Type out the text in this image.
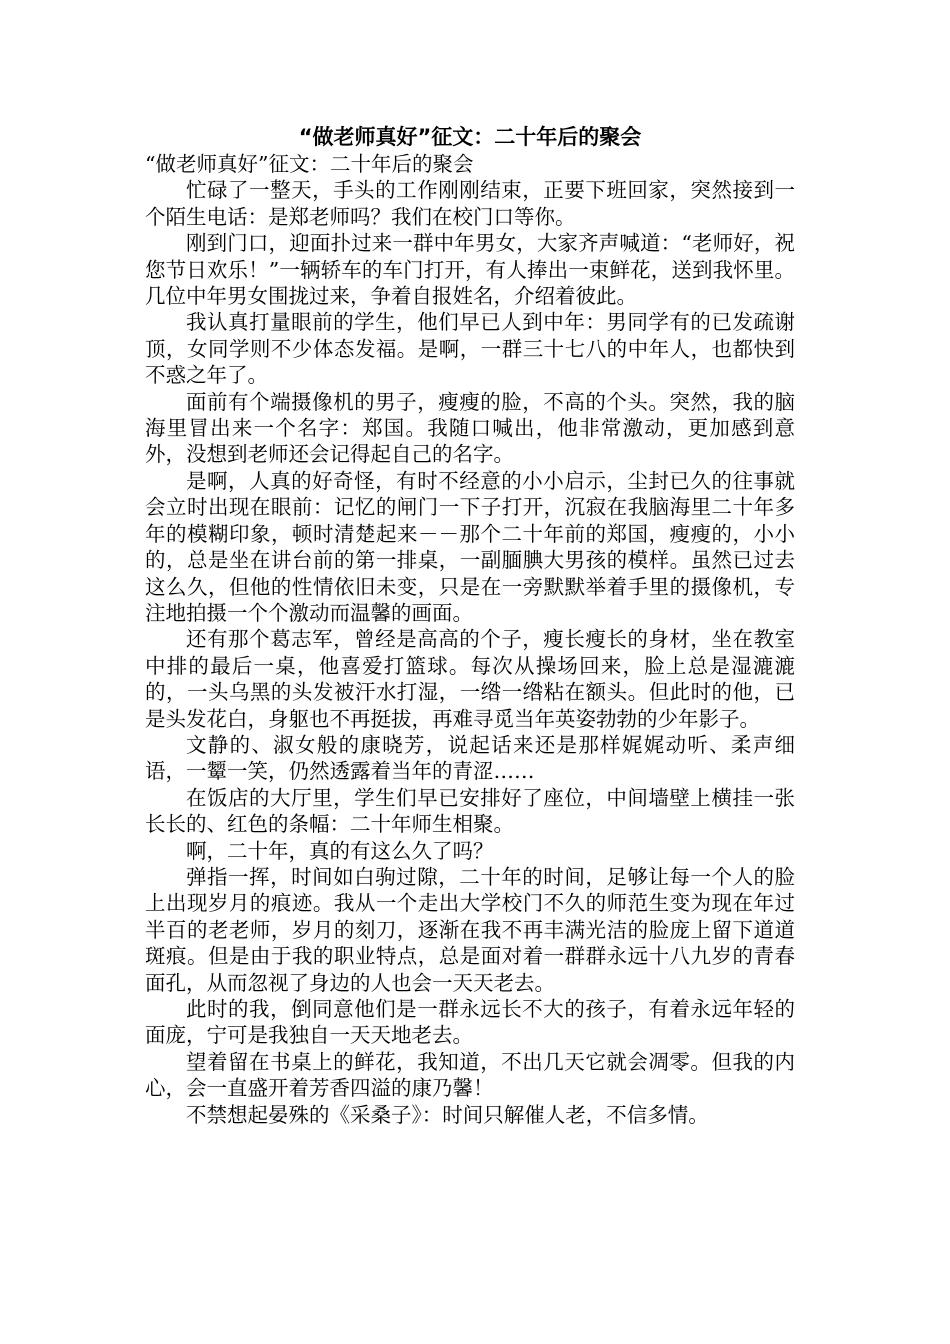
“做老师真好”征文：二十年后的聚会
“做老师真好”征文：二十年后的聚会

忙碌了一整天，手头的工作刚刚结束，正要下班回家，突然接到一个陌生电话：是郑老师吗？我们在校门口等你。

刚到门口，迎面扑过来一群中年男女，大家齐声喊道：“老师好，祝您节日欢乐！”一辆轿车的车门打开，有人捧出一束鲜花，送到我怀里。几位中年男女围拢过来，争着自报姓名，介绍着彼此。

我认真打量眼前的学生，他们早已人到中年：男同学有的已发疏谢顶，女同学则不少体态发福。是啊，一群三十七八的中年人，也都快到不惑之年了。

面前有个端摄像机的男子，瘦瘦的脸，不高的个头。突然，我的脑海里冒出来一个名字：郑国。我随口喊出，他非常激动，更加感到意外，没想到老师还会记得起自己的名字。

是啊，人真的好奇怪，有时不经意的小小启示，尘封已久的往事就会立时出现在眼前：记忆的闸门一下子打开，沉寂在我脑海里二十年多年的模糊印象，顿时清楚起来－－那个二十年前的郑国，瘦瘦的，小小的，总是坐在讲台前的第一排桌，一副腼腆大男孩的模样。虽然已过去这么久，但他的性情依旧未变，只是在一旁默默举着手里的摄像机，专注地拍摄一个个激动而温馨的画面。

还有那个葛志军，曾经是高高的个子，瘦长瘦长的身材，坐在教室中排的最后一桌，他喜爱打篮球。每次从操场回来，脸上总是湿漉漉的，一头乌黑的头发被汗水打湿，一绺一绺粘在额头。但此时的他，已是头发花白，身躯也不再挺拔，再难寻觅当年英姿勃勃的少年影子。

文静的、淑女般的康晓芳，说起话来还是那样娓娓动听、柔声细语，一颦一笑，仍然透露着当年的青涩……

在饭店的大厅里，学生们早已安排好了座位，中间墙壁上横挂一张长长的、红色的条幅：二十年师生相聚。

啊，二十年，真的有这么久了吗？

弹指一挥，时间如白驹过隙，二十年的时间，足够让每一个人的脸上出现岁月的痕迹。我从一个走出大学校门不久的师范生变为现在年过半百的老老师，岁月的刻刀，逐渐在我不再丰满光洁的脸庞上留下道道斑痕。但是由于我的职业特点，总是面对着一群群永远十八九岁的青春面孔，从而忽视了身边的人也会一天天老去。

此时的我，倒同意他们是一群永远长不大的孩子，有着永远年轻的面庞，宁可是我独自一天天地老去。

望着留在书桌上的鲜花，我知道，不出几天它就会凋零。但我的内心，会一直盛开着芳香四溢的康乃馨！

不禁想起晏殊的《采桑子》：时间只解催人老，不信多情。
